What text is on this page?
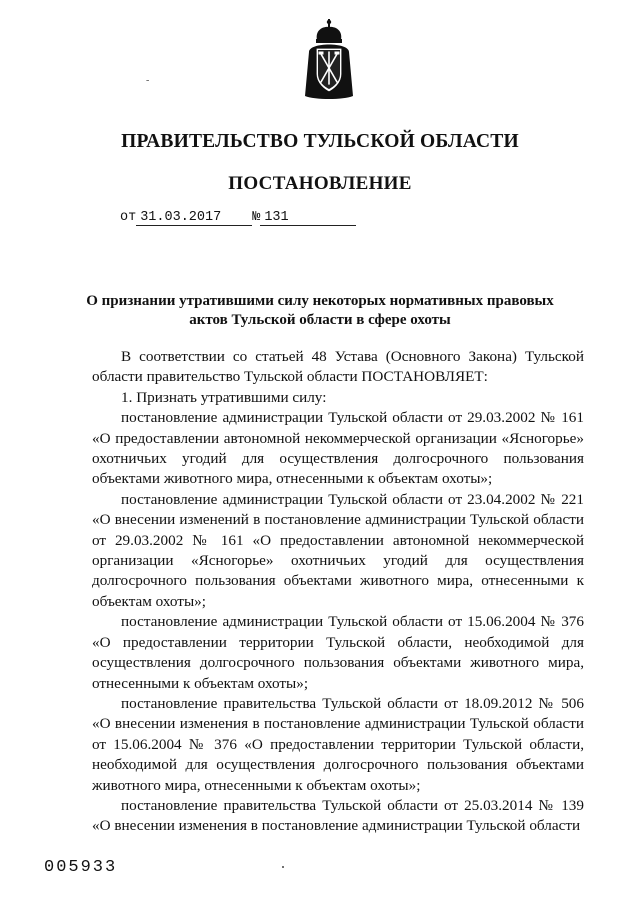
-
ПРАВИТЕЛЬСТВО ТУЛЬСКОЙ ОБЛАСТИ
ПОСТАНОВЛЕНИЕ
от 31.03.2017 № 131
О признании утратившими силу некоторых нормативных правовых
актов Тульской области в сфере охоты

В соответствии со статьей 48 Устава (Основного Закона) Тульской области правительство Тульской области ПОСТАНОВЛЯЕТ:

1. Признать утратившими силу:

постановление администрации Тульской области от 29.03.2002 № 161 «О предоставлении автономной некоммерческой организации «Ясногорье» охотничьих угодий для осуществления долгосрочного пользования объектами животного мира, отнесенными к объектам охоты»;

постановление администрации Тульской области от 23.04.2002 № 221 «О внесении изменений в постановление администрации Тульской области от 29.03.2002 № 161 «О предоставлении автономной некоммерческой организации «Ясногорье» охотничьих угодий для осуществления долгосрочного пользования объектами животного мира, отнесенными к объектам охоты»;

постановление администрации Тульской области от 15.06.2004 № 376 «О предоставлении территории Тульской области, необходимой для осуществления долгосрочного пользования объектами животного мира, отнесенными к объектам охоты»;

постановление правительства Тульской области от 18.09.2012 № 506 «О внесении изменения в постановление администрации Тульской области от 15.06.2004 № 376 «О предоставлении территории Тульской области, необходимой для осуществления долгосрочного пользования объектами животного мира, отнесенными к объектам охоты»;

постановление правительства Тульской области от 25.03.2014 № 139 «О внесении изменения в постановление администрации Тульской области

005933
